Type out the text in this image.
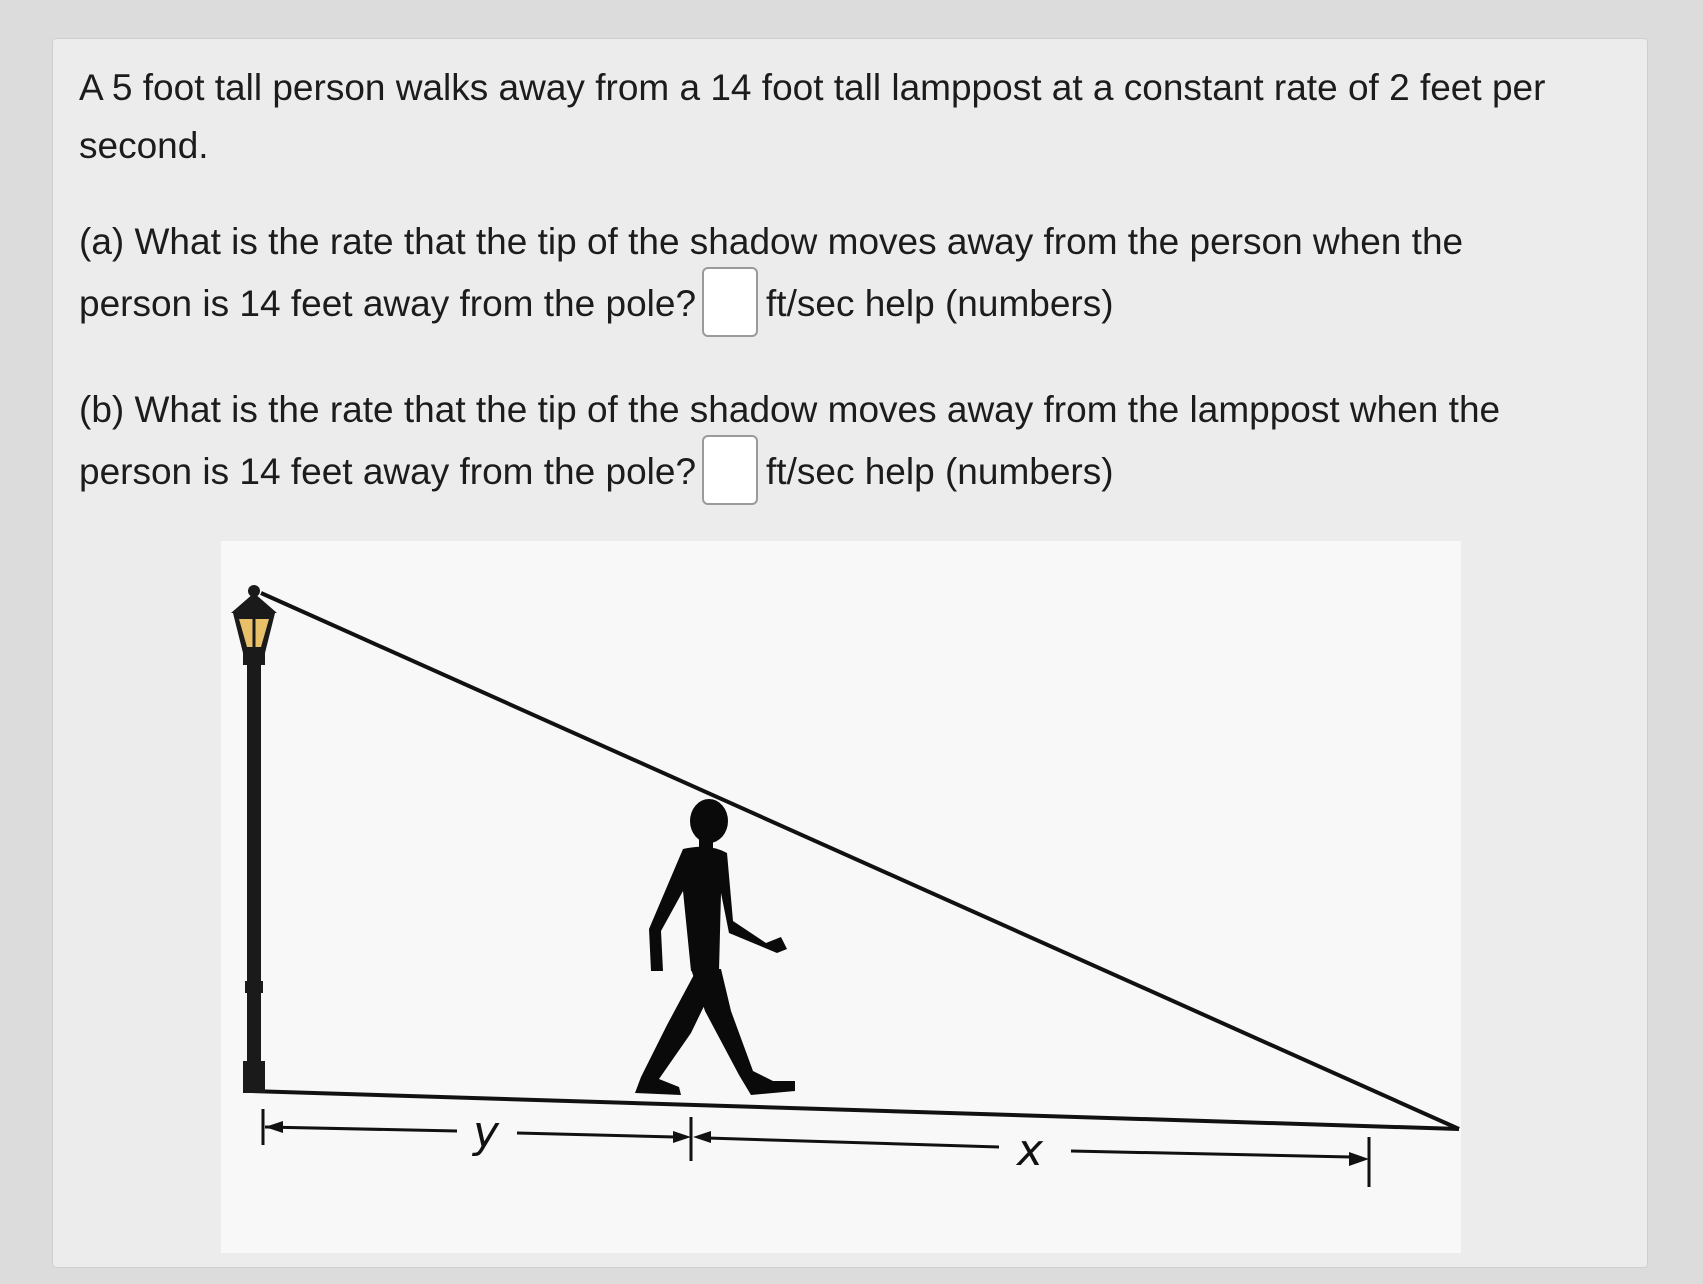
A 5 foot tall person walks away from a 14 foot tall lamppost at a constant rate of 2 feet per second.

(a) What is the rate that the tip of the shadow moves away from the person when the person is 14 feet away from the pole? ft/sec help (numbers)

(b) What is the rate that the tip of the shadow moves away from the lamppost when the person is 14 feet away from the pole? ft/sec help (numbers)

y	x
